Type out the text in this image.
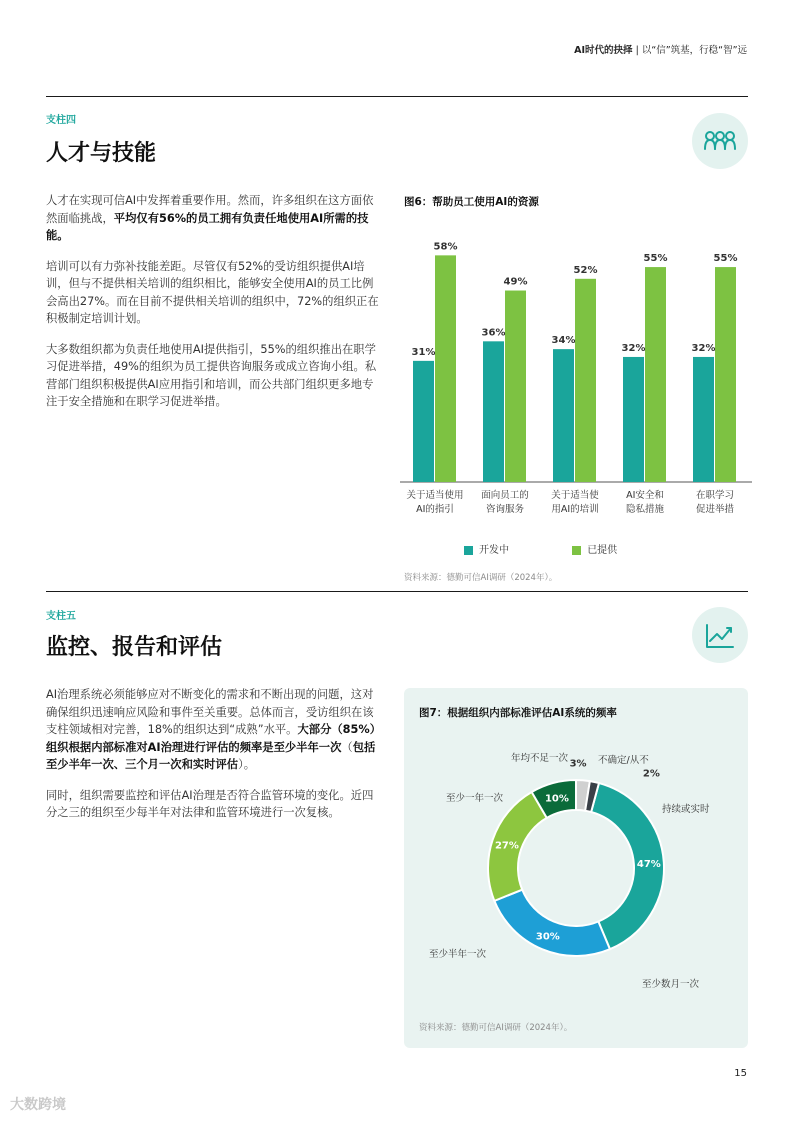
AI时代的抉择 | 以“信”筑基，行稳“智”远
支柱四
人才与技能

人才在实现可信AI中发挥着重要作用。然而，许多组织在这方面依然面临挑战，平均仅有56%的员工拥有负责任地使用AI所需的技能。

培训可以有力弥补技能差距。尽管仅有52%的受访组织提供AI培训，但与不提供相关培训的组织相比，能够安全使用AI的员工比例会高出27%。而在目前不提供相关培训的组织中，72%的组织正在积极制定培训计划。

大多数组织都为负责任地使用AI提供指引，55%的组织推出在职学习促进举措，49%的组织为员工提供咨询服务或成立咨询小组。私营部门组织积极提供AI应用指引和培训，而公共部门组织更多地专注于安全措施和在职学习促进举措。

图6：帮助员工使用AI的资源
31%
58%
关于适当使用
AI的指引
36%
49%
面向员工的
咨询服务
34%
52%
关于适当使
用AI的培训
32%
55%
AI安全和
隐私措施
32%
55%
在职学习
促进举措
开发中	已提供
资料来源：德勤可信AI调研（2024年）。
支柱五
监控、报告和评估

AI治理系统必须能够应对不断变化的需求和不断出现的问题，这对确保组织迅速响应风险和事件至关重要。总体而言，受访组织在该支柱领域相对完善，18%的组织达到“成熟”水平。大部分（85%）组织根据内部标准对AI治理进行评估的频率是至少半年一次（包括至少半年一次、三个月一次和实时评估）。

同时，组织需要监控和评估AI治理是否符合监管环境的变化。近四分之三的组织至少每半年对法律和监管环境进行一次复核。

图7：根据组织内部标准评估AI系统的频率
47%
持续或实时
30%
至少数月一次
27%
至少半年一次
10%
至少一年一次
3%
年均不足一次
2%
不确定/从不
资料来源：德勤可信AI调研（2024年）。
15
大数跨境
